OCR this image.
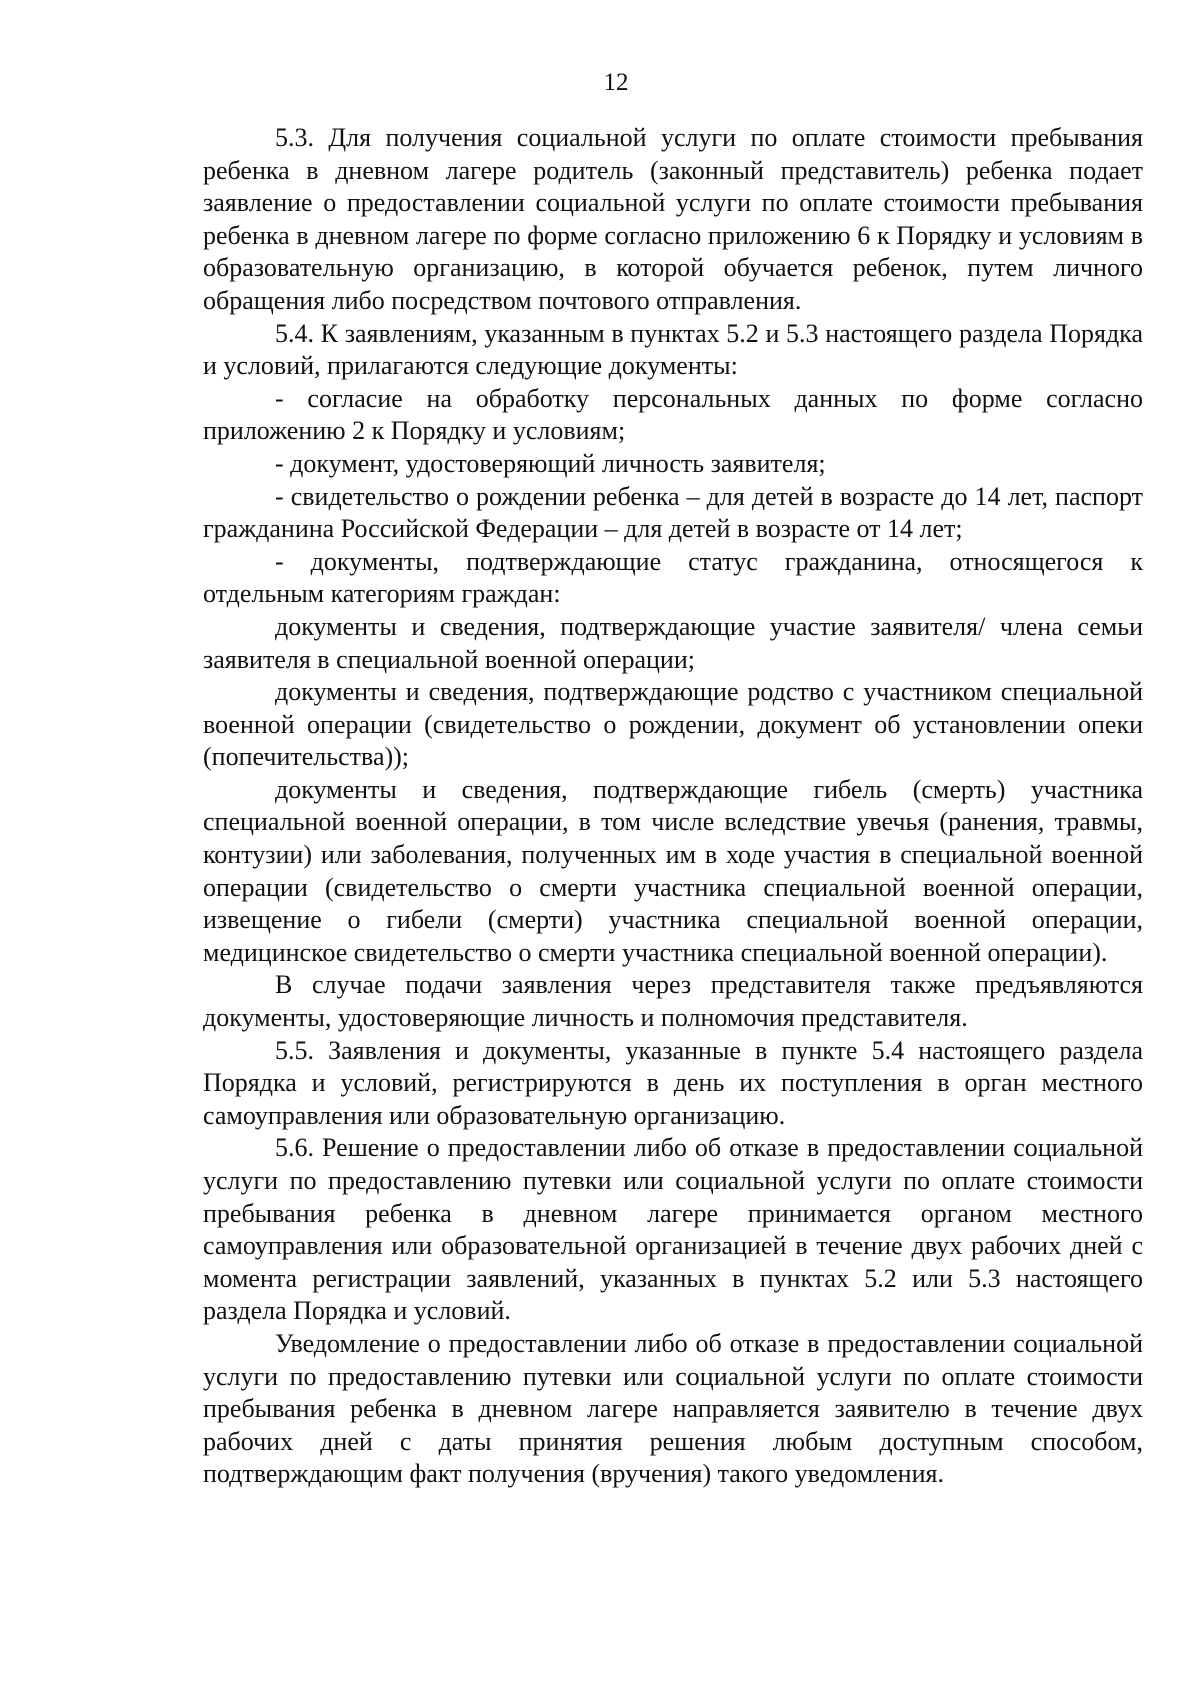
12

5.3. Для получения социальной услуги по оплате стоимости пребывания ребенка в дневном лагере родитель (законный представитель) ребенка подает заявление о предоставлении социальной услуги по оплате стоимости пребывания ребенка в дневном лагере по форме согласно приложению 6 к Порядку и условиям в образовательную организацию, в которой обучается ребенок, путем личного обращения либо посредством почтового отправления.

5.4. К заявлениям, указанным в пунктах 5.2 и 5.3 настоящего раздела Порядка и условий, прилагаются следующие документы:

- согласие на обработку персональных данных по форме согласно приложению 2 к Порядку и условиям;

- документ, удостоверяющий личность заявителя;

- свидетельство о рождении ребенка – для детей в возрасте до 14 лет, паспорт гражданина Российской Федерации – для детей в возрасте от 14 лет;

- документы, подтверждающие статус гражданина, относящегося к отдельным категориям граждан:

документы и сведения, подтверждающие участие заявителя/ члена семьи заявителя в специальной военной операции;

документы и сведения, подтверждающие родство с участником специальной военной операции (свидетельство о рождении, документ об установлении опеки (попечительства));

документы и сведения, подтверждающие гибель (смерть) участника специальной военной операции, в том числе вследствие увечья (ранения, травмы, контузии) или заболевания, полученных им в ходе участия в специальной военной операции (свидетельство о смерти участника специальной военной операции, извещение о гибели (смерти) участника специальной военной операции, медицинское свидетельство о смерти участника специальной военной операции).

В случае подачи заявления через представителя также предъявляются документы, удостоверяющие личность и полномочия представителя.

5.5. Заявления и документы, указанные в пункте 5.4 настоящего раздела Порядка и условий, регистрируются в день их поступления в орган местного самоуправления или образовательную организацию.

5.6. Решение о предоставлении либо об отказе в предоставлении социальной услуги по предоставлению путевки или социальной услуги по оплате стоимости пребывания ребенка в дневном лагере принимается органом местного самоуправления или образовательной организацией в течение двух рабочих дней с момента регистрации заявлений, указанных в пунктах 5.2 или 5.3 настоящего раздела Порядка и условий.

Уведомление о предоставлении либо об отказе в предоставлении социальной услуги по предоставлению путевки или социальной услуги по оплате стоимости пребывания ребенка в дневном лагере направляется заявителю в течение двух рабочих дней с даты принятия решения любым доступным способом, подтверждающим факт получения (вручения) такого уведомления.
